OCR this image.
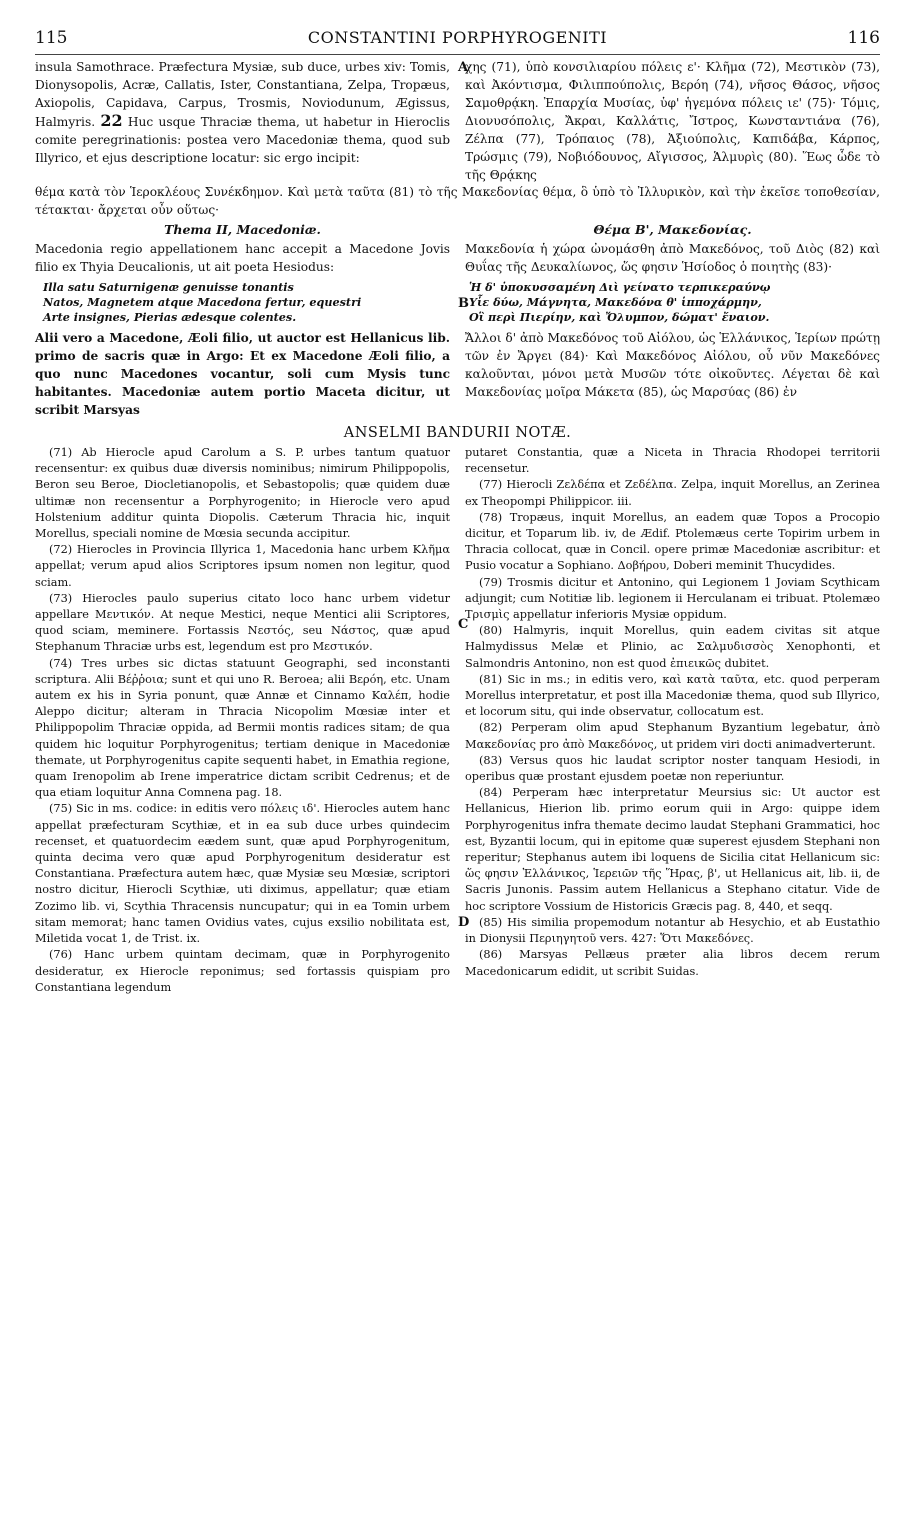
115	CONSTANTINI PORPHYROGENITI	116
A
insula Samothrace. Præfectura Mysiæ, sub duce, urbes xiv: Tomis, Dionysopolis, Acræ, Callatis, Ister, Constantiana, Zelpa, Tropæus, Axiopolis, Capidava, Carpus, Trosmis, Noviodunum, Ægissus, Halmyris. 22 Huc usque Thraciæ thema, ut habetur in Hieroclis comite peregrinationis: postea vero Macedoniæ thema, quod sub Illyrico, et ejus descriptione locatur: sic ergo incipit:
χης (71), ὑπὸ κονσιλιαρίου πόλεις ε'· Κλῆμα (72), Μεστικὸν (73), καὶ Ἀκόντισμα, Φιλιππούπολις, Βερόη (74), νῆσος Θάσος, νῆσος Σαμοθρᾴκη. Ἐπαρχία Μυσίας, ὑφ' ἡγεμόνα πόλεις ιε' (75)· Τόμις, Διονυσόπολις, Ἄκραι, Καλλάτις, Ἴστρος, Κωνσταντιάνα (76), Ζέλπα (77), Τρόπαιος (78), Ἀξιούπολις, Καπιδάβα, Κάρπος, Τρώσμις (79), Νοβιόδουνος, Αἴγισσος, Ἁλμυρὶς (80). Ἕως ὧδε τὸ τῆς Θρᾴκης
θέμα κατὰ τὸν Ἱεροκλέους Συνέκδημον. Καὶ μετὰ ταῦτα (81) τὸ τῆς Μακεδονίας θέμα, ὃ ὑπὸ τὸ Ἰλλυρικὸν, καὶ τὴν ἐκεῖσε τοποθεσίαν, τέτακται· ἄρχεται οὖν οὕτως·
Thema II, Macedoniæ.	Θέμα Β', Μακεδονίας.
Macedonia regio appellationem hanc accepit a Macedone Jovis filio ex Thyia Deucalionis, ut ait poeta Hesiodus:
Μακεδονία ἡ χώρα ὠνομάσθη ἀπὸ Μακεδόνος, τοῦ Διὸς (82) καὶ Θυΐας τῆς Δευκαλίωνος, ὥς φησιν Ἡσίοδος ὁ ποιητὴς (83)·
B
Illa satu Saturnigenæ genuisse tonantis
Natos, Magnetem atque Macedona fertur, equestri
Arte insignes, Pierias ædesque colentes.
Ἡ δ' ὑποκυσσαμένη Διὶ γείνατο τερπικεραύνῳ
Υἷε δύω, Μάγνητα, Μακεδόνα θ' ἱπποχάρμην,
Οἳ περὶ Πιερίην, καὶ Ὄλυμπον, δώματ' ἔναιον.
Alii vero a Macedone, Æoli filio, ut auctor est Hellanicus lib. primo de sacris quæ in Argo: Et ex Macedone Æoli filio, a quo nunc Macedones vocantur, soli cum Mysis tunc habitantes. Macedoniæ autem portio Maceta dicitur, ut scribit Marsyas
Ἄλλοι δ' ἀπὸ Μακεδόνος τοῦ Αἰόλου, ὡς Ἑλλάνικος, Ἱερίων πρώτῃ τῶν ἐν Ἄργει (84)· Καὶ Μακεδόνος Αἰόλου, οὗ νῦν Μακεδόνες καλοῦνται, μόνοι μετὰ Μυσῶν τότε οἰκοῦντες. Λέγεται δὲ καὶ Μακεδονίας μοῖρα Μάκετα (85), ὡς Μαρσύας (86) ἐν
ANSELMI BANDURII NOTÆ.
C
D

(71) Ab Hierocle apud Carolum a S. P. urbes tantum quatuor recensentur: ex quibus duæ diversis nominibus; nimirum Philippopolis, Beron seu Beroe, Diocletianopolis, et Sebastopolis; quæ quidem duæ ultimæ non recensentur a Porphyrogenito; in Hierocle vero apud Holstenium additur quinta Diopolis. Cæterum Thracia hic, inquit Morellus, speciali nomine de Mœsia secunda accipitur.

(72) Hierocles in Provincia Illyrica 1, Macedonia hanc urbem Κλῆμα appellat; verum apud alios Scriptores ipsum nomen non legitur, quod sciam.

(73) Hierocles paulo superius citato loco hanc urbem videtur appellare Μεντικόν. At neque Mestici, neque Mentici alii Scriptores, quod sciam, meminere. Fortassis Νεστός, seu Νάστος, quæ apud Stephanum Thraciæ urbs est, legendum est pro Μεστικόν.

(74) Tres urbes sic dictas statuunt Geographi, sed inconstanti scriptura. Alii Βέῤῥοια; sunt et qui uno R. Beroea; alii Βερόη, etc. Unam autem ex his in Syria ponunt, quæ Annæ et Cinnamo Καλέπ, hodie Aleppo dicitur; alteram in Thracia Nicopolim Mœsiæ inter et Philippopolim Thraciæ oppida, ad Bermii montis radices sitam; de qua quidem hic loquitur Porphyrogenitus; tertiam denique in Macedoniæ themate, ut Porphyrogenitus capite sequenti habet, in Emathia regione, quam Irenopolim ab Irene imperatrice dictam scribit Cedrenus; et de qua etiam loquitur Anna Comnena pag. 18.

(75) Sic in ms. codice: in editis vero πόλεις ιδ'. Hierocles autem hanc appellat præfecturam Scythiæ, et in ea sub duce urbes quindecim recenset, et quatuordecim eædem sunt, quæ apud Porphyrogenitum, quinta decima vero quæ apud Porphyrogenitum desideratur est Constantiana. Præfectura autem hæc, quæ Mysiæ seu Mœsiæ, scriptori nostro dicitur, Hierocli Scythiæ, uti diximus, appellatur; quæ etiam Zozimo lib. vi, Scythia Thracensis nuncupatur; qui in ea Tomin urbem sitam memorat; hanc tamen Ovidius vates, cujus exsilio nobilitata est, Miletida vocat 1, de Trist. ix.

(76) Hanc urbem quintam decimam, quæ in Porphyrogenito desideratur, ex Hierocle reponimus; sed fortassis quispiam pro Constantiana legendum

putaret Constantia, quæ a Niceta in Thracia Rhodopei territorii recensetur.

(77) Hierocli Ζελδέπα et Ζεδέλπα. Zelpa, inquit Morellus, an Zerinea ex Theopompi Philippicor. iii.

(78) Tropæus, inquit Morellus, an eadem quæ Topos a Procopio dicitur, et Toparum lib. iv, de Ædif. Ptolemæus certe Topirim urbem in Thracia collocat, quæ in Concil. opere primæ Macedoniæ ascribitur: et Pusio vocatur a Sophiano. Δοβήρου, Doberi meminit Thucydides.

(79) Trosmis dicitur et Antonino, qui Legionem 1 Joviam Scythicam adjungit; cum Notitiæ lib. legionem ii Herculanam ei tribuat. Ptolemæo Τρισμὶς appellatur inferioris Mysiæ oppidum.

(80) Halmyris, inquit Morellus, quin eadem civitas sit atque Halmydissus Melæ et Plinio, ac Σαλμυδισσὸς Xenophonti, et Salmondris Antonino, non est quod ἐπιεικῶς dubitet.

(81) Sic in ms.; in editis vero, καὶ κατὰ ταῦτα, etc. quod perperam Morellus interpretatur, et post illa Macedoniæ thema, quod sub Illyrico, et locorum situ, qui inde observatur, collocatum est.

(82) Perperam olim apud Stephanum Byzantium legebatur, ἀπὸ Μακεδονίας pro ἀπὸ Μακεδόνος, ut pridem viri docti animadverterunt.

(83) Versus quos hic laudat scriptor noster tanquam Hesiodi, in operibus quæ prostant ejusdem poetæ non reperiuntur.

(84) Perperam hæc interpretatur Meursius sic: Ut auctor est Hellanicus, Hierion lib. primo eorum quii in Argo: quippe idem Porphyrogenitus infra themate decimo laudat Stephani Grammatici, hoc est, Byzantii locum, qui in epitome quæ superest ejusdem Stephani non reperitur; Stephanus autem ibi loquens de Sicilia citat Hellanicum sic: ὥς φησιν Ἑλλάνικος, Ἱερειῶν τῆς Ἥρας, β', ut Hellanicus ait, lib. ii, de Sacris Junonis. Passim autem Hellanicus a Stephano citatur. Vide de hoc scriptore Vossium de Historicis Græcis pag. 8, 440, et seqq.

(85) His similia propemodum notantur ab Hesychio, et ab Eustathio in Dionysii Περιηγητοῦ vers. 427: Ὅτι Μακεδόνες.

(86) Marsyas Pellæus præter alia libros decem rerum Macedonicarum edidit, ut scribit Suidas.
